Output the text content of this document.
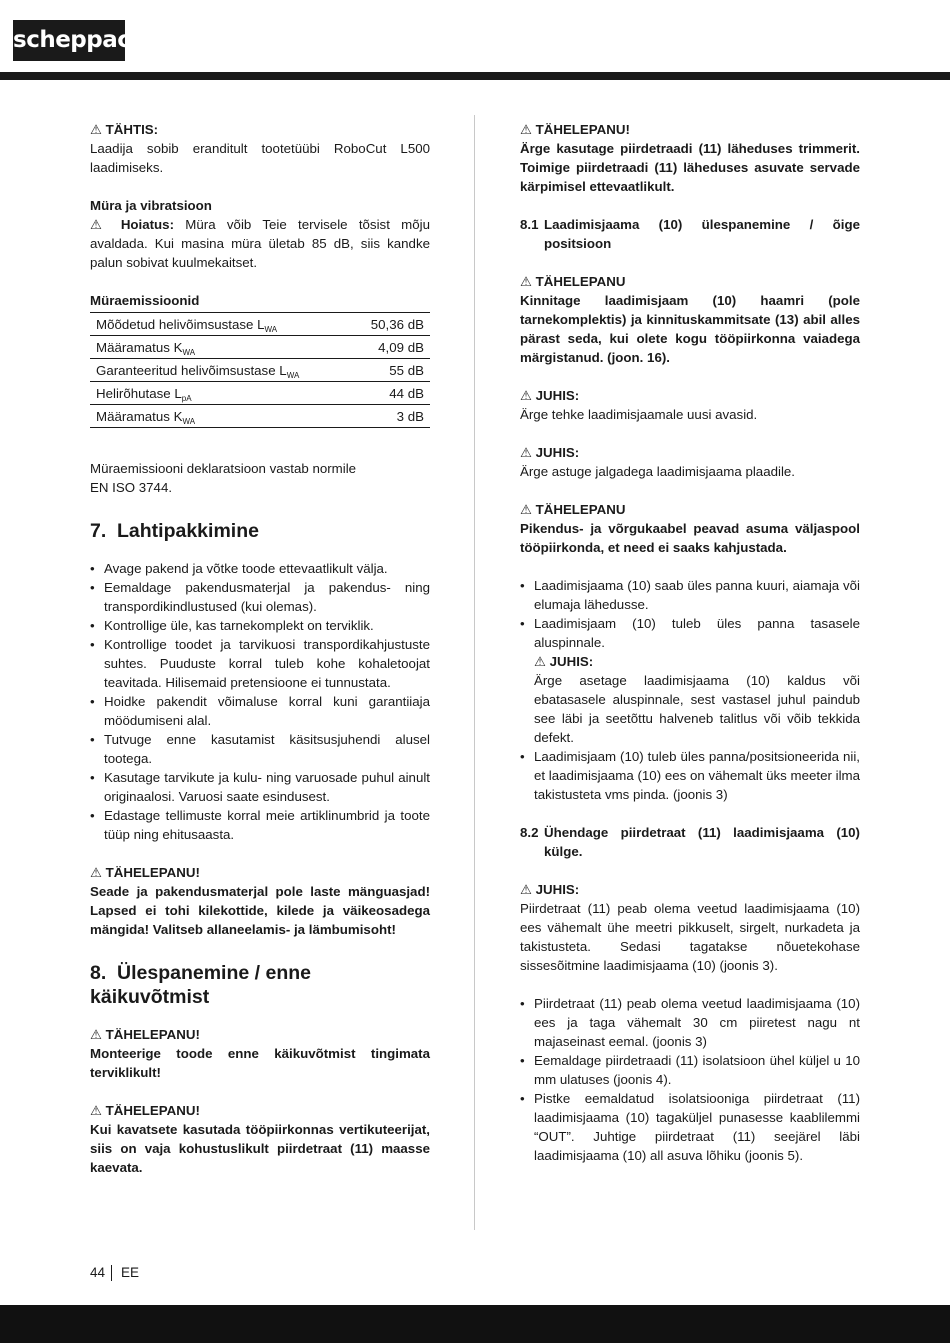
scheppach

⚠ TÄHTIS:

Laadija sobib eranditult tootetüübi RoboCut L500 laadimiseks.

Müra ja vibratsioon

⚠ Hoiatus: Müra võib Teie tervisele tõsist mõju avaldada. Kui masina müra ületab 85 dB, siis kandke palun sobivat kuulmekaitset.

Müraemissioonid

Mõõdetud helivõimsustase $L_{WA}$	50,36 dB
Määramatus $K_{WA}$	4,09 dB
Garanteeritud helivõimsustase $L_{WA}$	55 dB
Helirõhutase $L_{pA}$	44 dB
Määramatus $K_{WA}$	3 dB

Müraemissiooni deklaratsioon vastab normile

EN ISO 3744.

7. Lahtipakkimine
• Avage pakend ja võtke toode ettevaatlikult välja.
• Eemaldage pakendusmaterjal ja pakendus- ning transpordikindlustused (kui olemas).
• Kontrollige üle, kas tarnekomplekt on terviklik.
• Kontrollige toodet ja tarvikuosi transpordikahjustuste suhtes. Puuduste korral tuleb kohe kohaletoojat teavitada. Hilisemaid pretensioone ei tunnustata.
• Hoidke pakendit võimaluse korral kuni garantiiaja möödumiseni alal.
• Tutvuge enne kasutamist käsitsusjuhendi alusel tootega.
• Kasutage tarvikute ja kulu- ning varuosade puhul ainult originaalosi. Varuosi saate esindusest.
• Edastage tellimuste korral meie artiklinumbrid ja toote tüüp ning ehitusaasta.

⚠ TÄHELEPANU!

Seade ja pakendusmaterjal pole laste mänguasjad! Lapsed ei tohi kilekottide, kilede ja väikeosadega mängida! Valitseb allaneelamis- ja lämbumisoht!

8. Ülespanemine / enne käikuvõtmist

⚠ TÄHELEPANU!

Monteerige toode enne käikuvõtmist tingimata terviklikult!

⚠ TÄHELEPANU!

Kui kavatsete kasutada tööpiirkonnas vertikuteerijat, siis on vaja kohustuslikult piirdetraat (11) maasse kaevata.

⚠ TÄHELEPANU!

Ärge kasutage piirdetraadi (11) läheduses trimmerit. Toimige piirdetraadi (11) läheduses asuvate servade kärpimisel ettevaatlikult.

8.1 Laadimisjaama (10) ülespanemine / õige positsioon

⚠ TÄHELEPANU

Kinnitage laadimisjaam (10) haamri (pole tarnekomplektis) ja kinnituskammitsate (13) abil alles pärast seda, kui olete kogu tööpiirkonna vaiadega märgistanud. (joon. 16).

⚠ JUHIS:

Ärge tehke laadimisjaamale uusi avasid.

⚠ JUHIS:

Ärge astuge jalgadega laadimisjaama plaadile.

⚠ TÄHELEPANU

Pikendus- ja võrgukaabel peavad asuma väljaspool tööpiirkonda, et need ei saaks kahjustada.

• Laadimisjaama (10) saab üles panna kuuri, aiamaja või elumaja lähedusse.
• Laadimisjaam (10) tuleb üles panna tasasele aluspinnale.

⚠ JUHIS:

Ärge asetage laadimisjaama (10) kaldus või ebatasasele aluspinnale, sest vastasel juhul paindub see läbi ja seetõttu halveneb talitlus või võib tekkida defekt.

• Laadimisjaam (10) tuleb üles panna/positsioneerida nii, et laadimisjaama (10) ees on vähemalt üks meeter ilma takistusteta vms pinda. (joonis 3)
8.2 Ühendage piirdetraat (11) laadimisjaama (10) külge.

⚠ JUHIS:

Piirdetraat (11) peab olema veetud laadimisjaama (10) ees vähemalt ühe meetri pikkuselt, sirgelt, nurkadeta ja takistusteta. Sedasi tagatakse nõuetekohase sissesõitmine laadimisjaama (10) (joonis 3).

• Piirdetraat (11) peab olema veetud laadimisjaama (10) ees ja taga vähemalt 30 cm piiretest nagu nt majaseinast eemal. (joonis 3)
• Eemaldage piirdetraadi (11) isolatsioon ühel küljel u 10 mm ulatuses (joonis 4).
• Pistke eemaldatud isolatsiooniga piirdetraat (11) laadimisjaama (10) tagaküljel punasesse kaablilemmi “OUT”. Juhtige piirdetraat (11) seejärel läbi laadimisjaama (10) all asuva lõhiku (joonis 5).
44 EE
